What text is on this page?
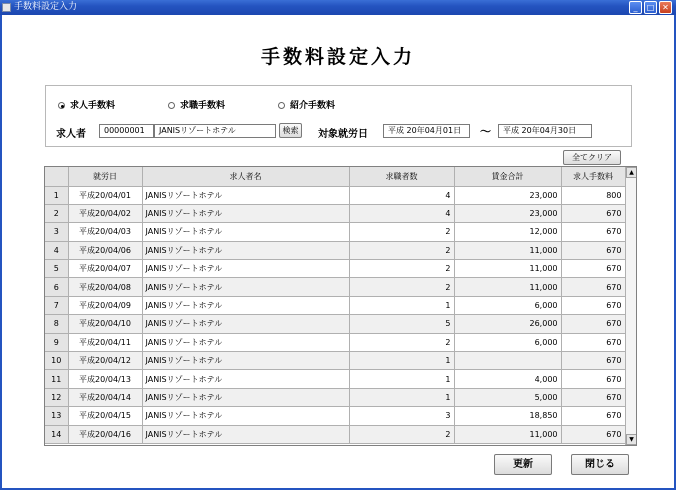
手数料設定入力	_	□ ✕
手数料設定入力
求人手数料	求職手数料	紹介手数料
求人者	00000001	JANISリゾートホテル	検索	対象就労日	平成 20年04月01日	～	平成 20年04月30日
全てクリア
	就労日	求人者名	求職者数	賃金合計	求人手数料
1	平成20/04/01	JANISリゾートホテル	4	23,000	800
2	平成20/04/02	JANISリゾートホテル	4	23,000	670
3	平成20/04/03	JANISリゾートホテル	2	12,000	670
4	平成20/04/06	JANISリゾートホテル	2	11,000	670
5	平成20/04/07	JANISリゾートホテル	2	11,000	670
6	平成20/04/08	JANISリゾートホテル	2	11,000	670
7	平成20/04/09	JANISリゾートホテル	1	6,000	670
8	平成20/04/10	JANISリゾートホテル	5	26,000	670
9	平成20/04/11	JANISリゾートホテル	2	6,000	670
10	平成20/04/12	JANISリゾートホテル	1		670
11	平成20/04/13	JANISリゾートホテル	1	4,000	670
12	平成20/04/14	JANISリゾートホテル	1	5,000	670
13	平成20/04/15	JANISリゾートホテル	3	18,850	670
14	平成20/04/16	JANISリゾートホテル	2	11,000	670
▲
▼
更新	閉じる
